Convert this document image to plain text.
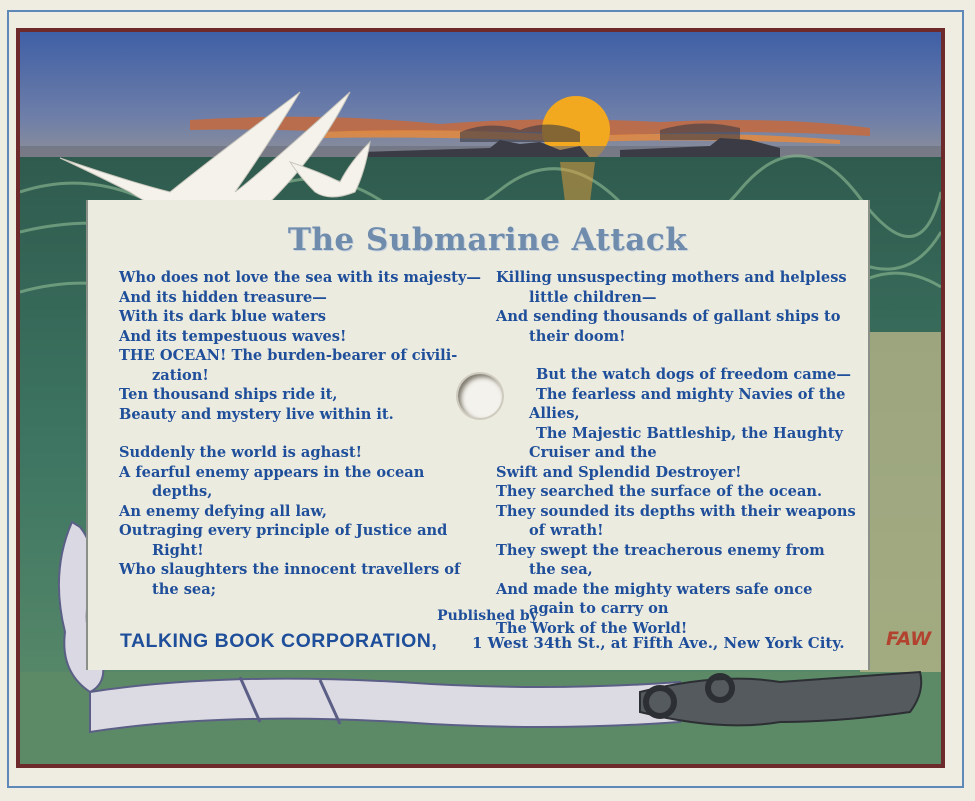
The Submarine Attack
Who does not love the sea with its majesty—
And its hidden treasure—
With its dark blue waters
And its tempestuous waves!
THE OCEAN! The burden-bearer of civili-
zation!
Ten thousand ships ride it,
Beauty and mystery live within it.
Suddenly the world is aghast!
A fearful enemy appears in the ocean
depths,
An enemy defying all law,
Outraging every principle of Justice and
Right!
Who slaughters the innocent travellers of
the sea;
Killing unsuspecting mothers and helpless
little children—
And sending thousands of gallant ships to
their doom!
But the watch dogs of freedom came—
The fearless and mighty Navies of the
Allies,
The Majestic Battleship, the Haughty
Cruiser and the
Swift and Splendid Destroyer!
They searched the surface of the ocean.
They sounded its depths with their weapons
of wrath!
They swept the treacherous enemy from
the sea,
And made the mighty waters safe once
again to carry on
The Work of the World!
Published by
TALKING BOOK CORPORATION, 1 West 34th St., at Fifth Ave., New York City. FAW
